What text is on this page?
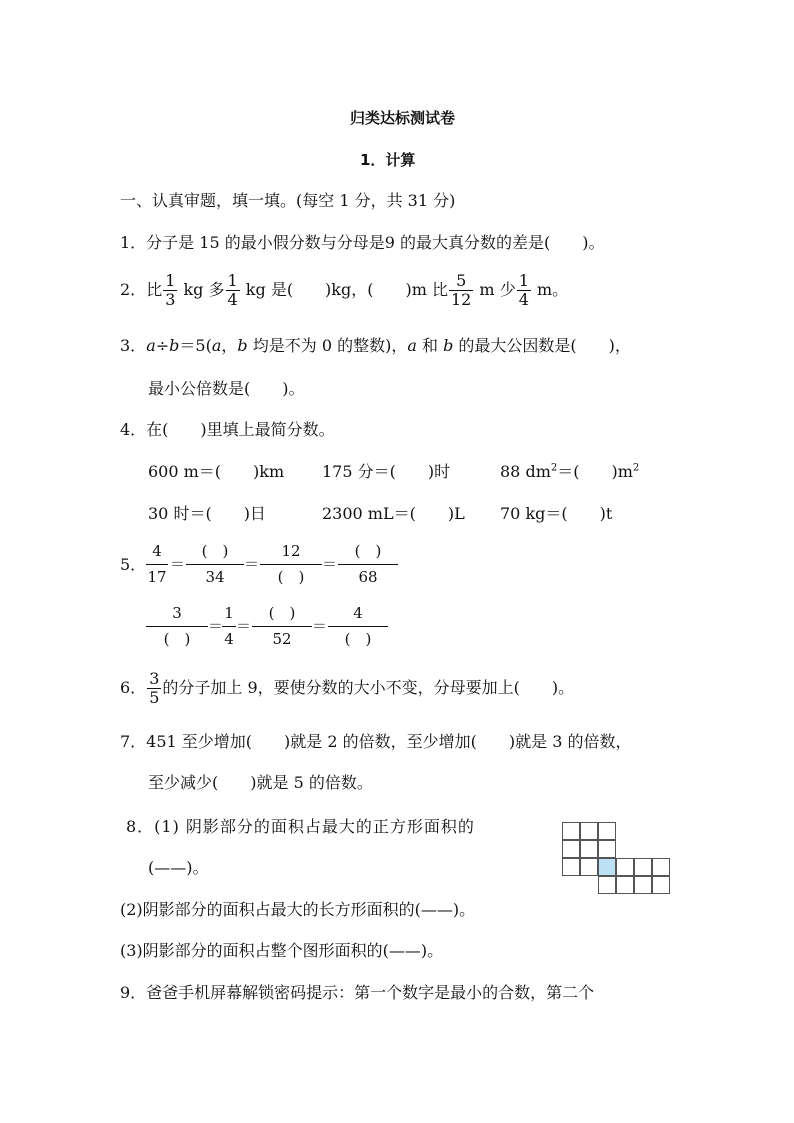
归类达标测试卷
1．计算
一、认真审题，填一填。(每空 1 分，共 31 分)
1．分子是 15 的最小假分数与分母是9 的最大真分数的差是(　　)。
2．比 $\frac{1}{3}$ kg 多 $\frac{1}{4}$ kg 是(　　)kg，(　　)m 比 $\frac{5}{12}$ m 少 $\frac{1}{4}$ m。
3．a÷b＝5(a，b 均是不为 0 的整数)，a 和 b 的最大公因数是(　　)，
最小公倍数是(　　)。
4．在(　　)里填上最简分数。
600 m＝(　　)km 175 分＝(　　)时	88 $dm^2=$(　　)$m^2$
30 时＝(　　)日	2300 mL＝(　　)L 70 kg＝(　　)t
5． $\frac{4}{17}$ ＝
(　)
34
＝
12
(　)
＝
(　)
68
3
(　)
＝
$\frac{1}{4}$ ＝
(　)
52
＝
4
(　)
6． $\frac{3}{5}$ 的分子加上 9，要使分数的大小不变，分母要加上(　　)。
7．451 至少增加(　　)就是 2 的倍数，至少增加(　　)就是 3 的倍数，
至少减少(　　)就是 5 的倍数。
8．(1) 阴影部分的面积占最大的正方形面积的
(——)。
(2)阴影部分的面积占最大的长方形面积的(——)。
(3)阴影部分的面积占整个图形面积的(——)。
9．爸爸手机屏幕解锁密码提示：第一个数字是最小的合数，第二个
